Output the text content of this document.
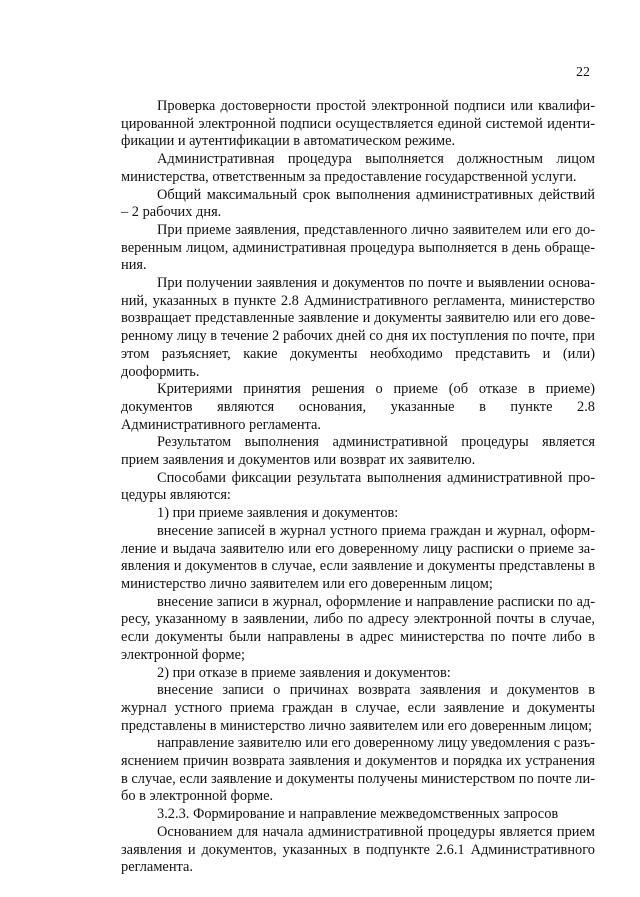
22

Проверка достоверности простой электронной подписи или квалифицированной электронной подписи осуществляется единой системой идентификации и аутентификации в автоматическом режиме.

Административная процедура выполняется должностным лицом министерства, ответственным за предоставление государственной услуги.

Общий максимальный срок выполнения административных действий – 2 рабочих дня.

При приеме заявления, представленного лично заявителем или его доверенным лицом, административная процедура выполняется в день обращения.

При получении заявления и документов по почте и выявлении оснований, указанных в пункте 2.8 Административного регламента, министерство возвращает представленные заявление и документы заявителю или его доверенному лицу в течение 2 рабочих дней со дня их поступления по почте, при этом разъясняет, какие документы необходимо представить и (или) дооформить.

Критериями принятия решения о приеме (об отказе в приеме) документов являются основания, указанные в пункте 2.8 Административного регламента.

Результатом выполнения административной процедуры является прием заявления и документов или возврат их заявителю.

Способами фиксации результата выполнения административной процедуры являются:

1) при приеме заявления и документов:

внесение записей в журнал устного приема граждан и журнал, оформление и выдача заявителю или его доверенному лицу расписки о приеме заявления и документов в случае, если заявление и документы представлены в министерство лично заявителем или его доверенным лицом;

внесение записи в журнал, оформление и направление расписки по адресу, указанному в заявлении, либо по адресу электронной почты в случае, если документы были направлены в адрес министерства по почте либо в электронной форме;

2) при отказе в приеме заявления и документов:

внесение записи о причинах возврата заявления и документов в журнал устного приема граждан в случае, если заявление и документы представлены в министерство лично заявителем или его доверенным лицом;

направление заявителю или его доверенному лицу уведомления с разъяснением причин возврата заявления и документов и порядка их устранения в случае, если заявление и документы получены министерством по почте либо в электронной форме.

3.2.3. Формирование и направление межведомственных запросов

Основанием для начала административной процедуры является прием заявления и документов, указанных в подпункте 2.6.1 Административного регламента.
